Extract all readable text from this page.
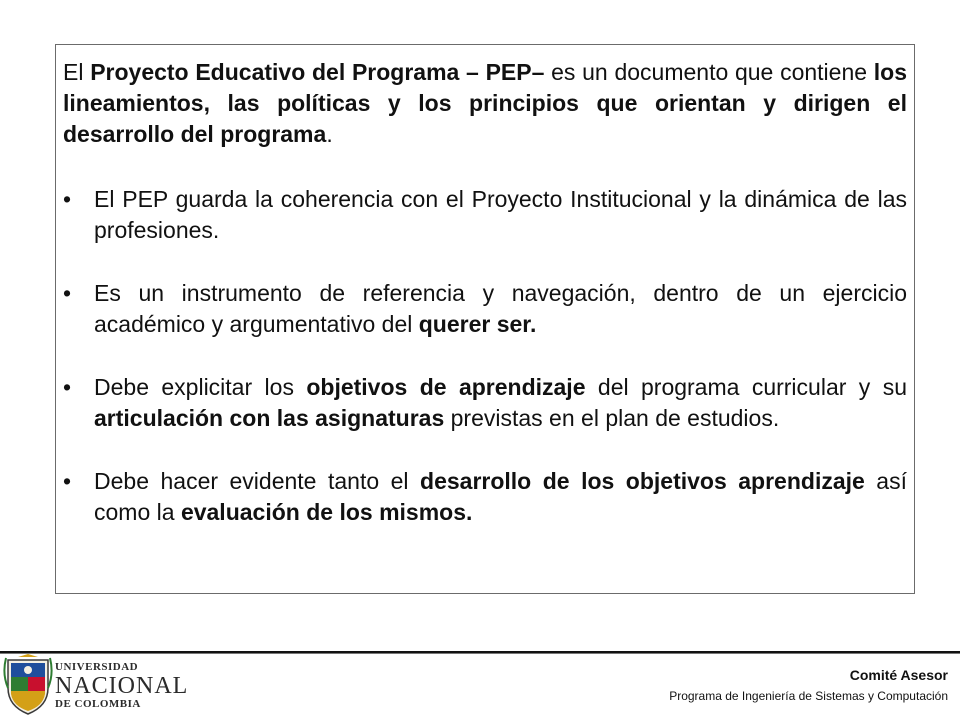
El Proyecto Educativo del Programa – PEP– es un documento que contiene los lineamientos, las políticas y los principios que orientan y dirigen el desarrollo del programa.

• El PEP guarda la coherencia con el Proyecto Institucional y la dinámica de las profesiones.
• Es un instrumento de referencia y navegación, dentro de un ejercicio académico y argumentativo del querer ser.
• Debe explicitar los objetivos de aprendizaje del programa curricular y su articulación con las asignaturas previstas en el plan de estudios.
• Debe hacer evidente tanto el desarrollo de los objetivos aprendizaje así como la evaluación de los mismos.
UNIVERSIDAD
NACIONAL
DE COLOMBIA
Comité Asesor
Programa de Ingeniería de Sistemas y Computación
